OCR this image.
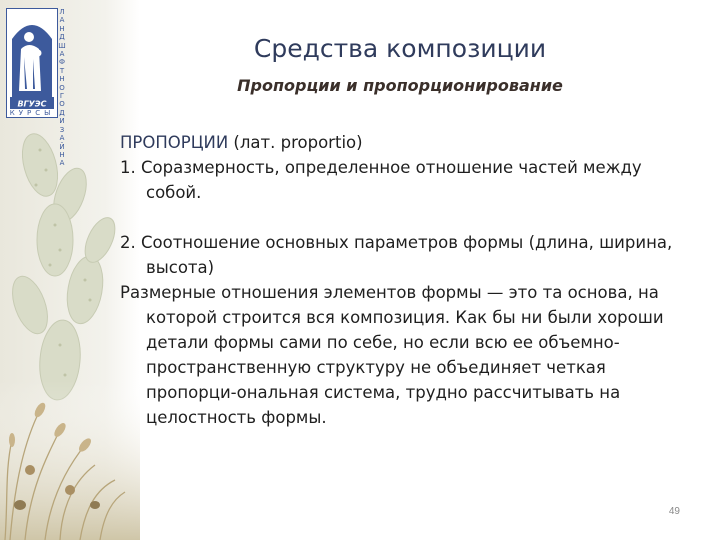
ВГУЭС
ЛАНДШАФТНОГО ДИЗАЙНА
КУРСЫ
Средства композиции
Пропорции и пропорционирование

ПРОПОРЦИИ (лат. proportio)

1. Соразмерность, определенное отношение частей между собой.

2. Соотношение основных параметров формы (длина, ширина, высота)

Размерные отношения элементов формы — это та основа, на которой строится вся композиция. Как бы ни были хороши детали формы сами по себе, но если всю ее объемно-пространственную структуру не объединяет четкая пропорци-ональная система, трудно рассчитывать на целостность формы.

49
